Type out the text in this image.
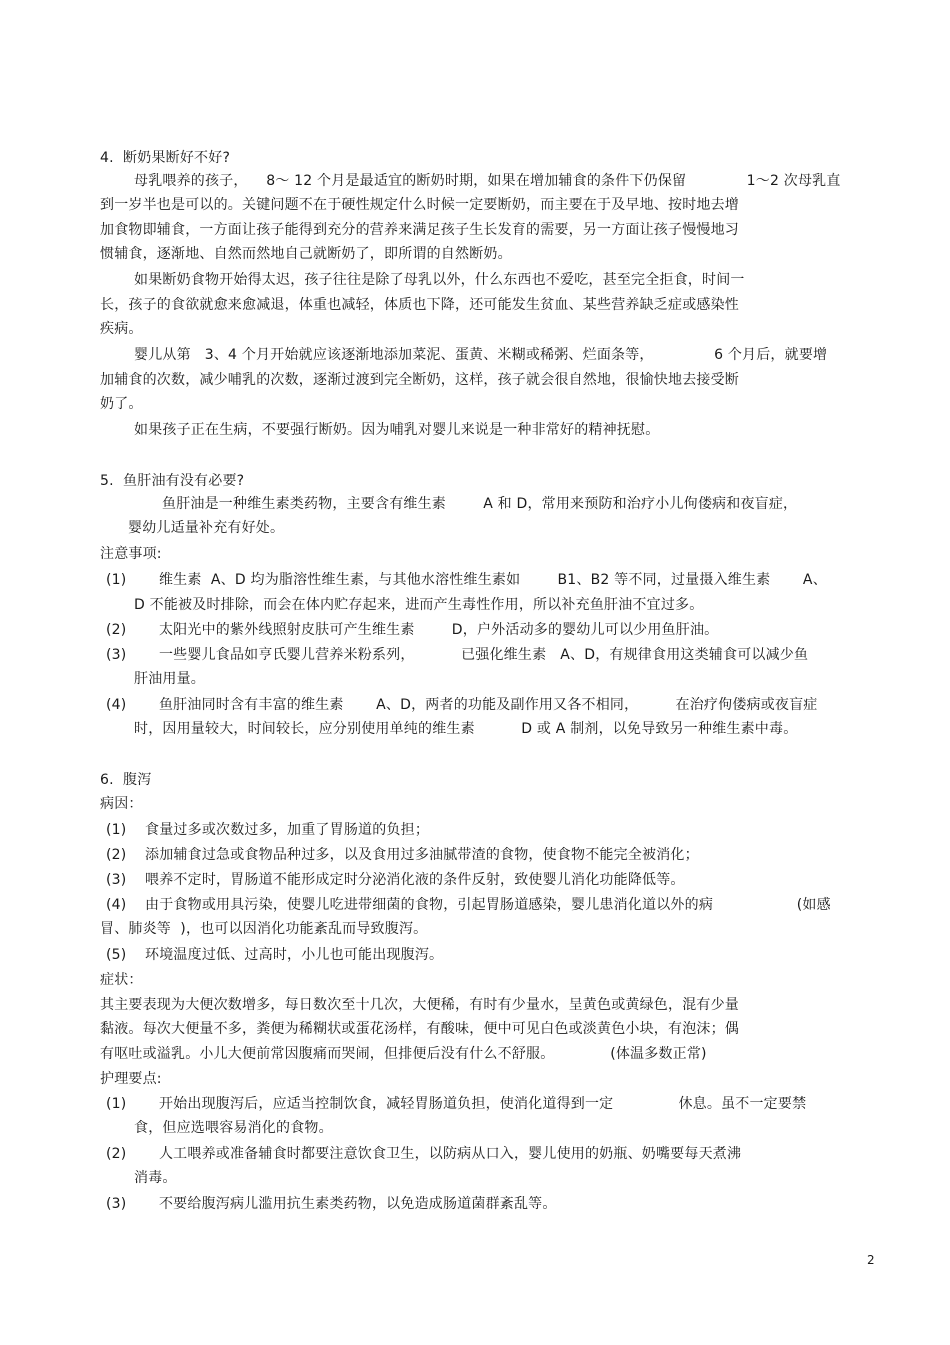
4.  断奶果断好不好?
母乳喂养的孩子，    8～ 12 个月是最适宜的断奶时期，如果在增加辅食的条件下仍保留             1～2 次母乳直
到一岁半也是可以的。关键问题不在于硬性规定什么时候一定要断奶，而主要在于及早地、按时地去增
加食物即辅食，一方面让孩子能得到充分的营养来满足孩子生长发育的需要，另一方面让孩子慢慢地习
惯辅食，逐渐地、自然而然地自己就断奶了，即所谓的自然断奶。
如果断奶食物开始得太迟，孩子往往是除了母乳以外，什么东西也不爱吃，甚至完全拒食，时间一
长，孩子的食欲就愈来愈减退，体重也减轻，体质也下降，还可能发生贫血、某些营养缺乏症或感染性
疾病。
婴儿从第   3、4 个月开始就应该逐渐地添加菜泥、蛋黄、米糊或稀粥、烂面条等，             6 个月后，就要增
加辅食的次数，减少哺乳的次数，逐渐过渡到完全断奶，这样，孩子就会很自然地，很愉快地去接受断
奶了。
如果孩子正在生病，不要强行断奶。因为哺乳对婴儿来说是一种非常好的精神抚慰。
5.  鱼肝油有没有必要?
鱼肝油是一种维生素类药物，主要含有维生素        A 和 D，常用来预防和治疗小儿佝偻病和夜盲症，
婴幼儿适量补充有好处。
注意事项:
(1)       维生素  A、D 均为脂溶性维生素，与其他水溶性维生素如        B1、B2 等不同，过量摄入维生素       A、
D 不能被及时排除，而会在体内贮存起来，进而产生毒性作用，所以补充鱼肝油不宜过多。
(2)       太阳光中的紫外线照射皮肤可产生维生素        D，户外活动多的婴幼儿可以少用鱼肝油。
(3)       一些婴儿食品如亨氏婴儿营养米粉系列，          已强化维生素   A、D，有规律食用这类辅食可以减少鱼
肝油用量。
(4)       鱼肝油同时含有丰富的维生素       A、D，两者的功能及副作用又各不相同，        在治疗佝偻病或夜盲症
时，因用量较大，时间较长，应分别使用单纯的维生素          D 或 A 制剂，以免导致另一种维生素中毒。
6.  腹泻
病因：
(1)    食量过多或次数过多，加重了胃肠道的负担；
(2)    添加辅食过急或食物品种过多，以及食用过多油腻带渣的食物，使食物不能完全被消化；
(3)    喂养不定时，胃肠道不能形成定时分泌消化液的条件反射，致使婴儿消化功能降低等。
(4)    由于食物或用具污染，使婴儿吃进带细菌的食物，引起胃肠道感染，婴儿患消化道以外的病                  (如感
冒、肺炎等  )，也可以因消化功能紊乱而导致腹泻。
(5)    环境温度过低、过高时，小儿也可能出现腹泻。
症状：
其主要表现为大便次数增多，每日数次至十几次，大便稀，有时有少量水，呈黄色或黄绿色，混有少量
黏液。每次大便量不多，粪便为稀糊状或蛋花汤样，有酸味，便中可见白色或淡黄色小块，有泡沫；偶
有呕吐或溢乳。小儿大便前常因腹痛而哭闹，但排便后没有什么不舒服。            (体温多数正常)
护理要点:
(1)       开始出现腹泻后，应适当控制饮食，减轻胃肠道负担，使消化道得到一定              休息。虽不一定要禁
食，但应选喂容易消化的食物。
(2)       人工喂养或准备辅食时都要注意饮食卫生，以防病从口入，婴儿使用的奶瓶、奶嘴要每天煮沸
消毒。
(3)       不要给腹泻病儿滥用抗生素类药物，以免造成肠道菌群紊乱等。
2
